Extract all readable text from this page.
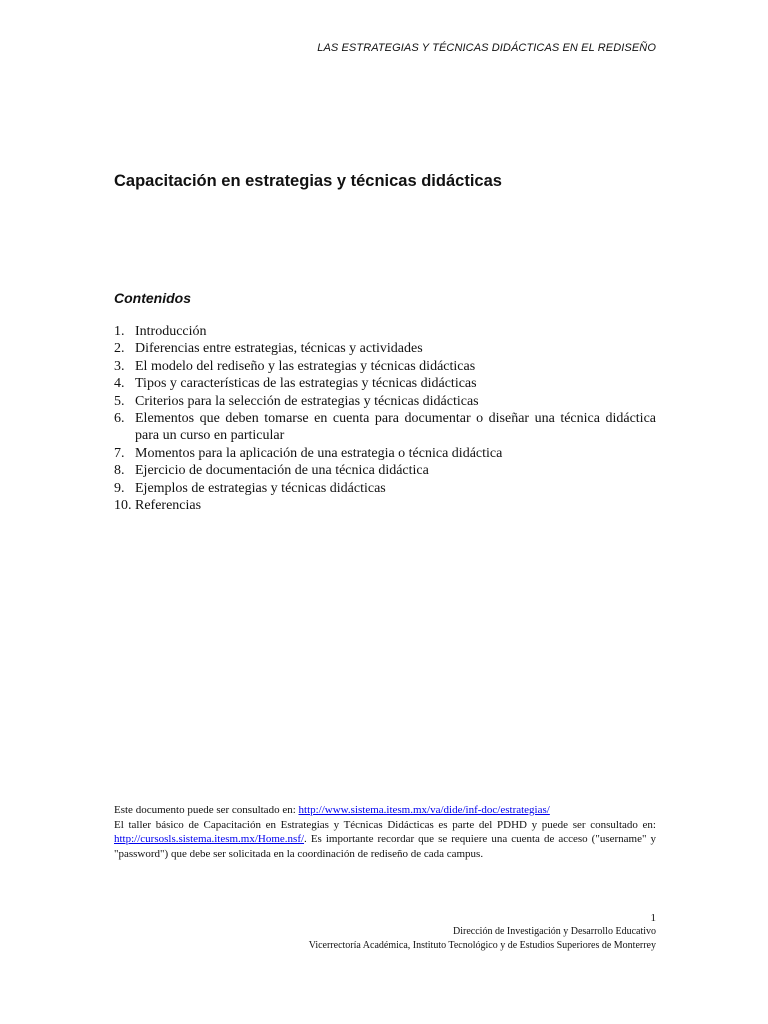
LAS ESTRATEGIAS Y TÉCNICAS DIDÁCTICAS EN EL REDISEÑO
Capacitación en estrategias y técnicas didácticas
Contenidos
1. Introducción
2. Diferencias entre estrategias, técnicas y actividades
3. El modelo del rediseño y las estrategias y técnicas didácticas
4. Tipos y características de las estrategias y técnicas didácticas
5. Criterios para la selección de estrategias y técnicas didácticas
6. Elementos que deben tomarse en cuenta para documentar o diseñar una técnica didáctica para un curso en particular
7. Momentos para la aplicación de una estrategia o técnica didáctica
8. Ejercicio de documentación de una técnica didáctica
9. Ejemplos de estrategias y técnicas didácticas
10. Referencias
Este documento puede ser consultado en: http://www.sistema.itesm.mx/va/dide/inf-doc/estrategias/
El taller básico de Capacitación en Estrategias y Técnicas Didácticas es parte del PDHD y puede ser consultado en: http://cursosls.sistema.itesm.mx/Home.nsf/. Es importante recordar que se requiere una cuenta de acceso ("username" y "password") que debe ser solicitada en la coordinación de rediseño de cada campus.
1
Dirección de Investigación y Desarrollo Educativo
Vicerrectoría Académica, Instituto Tecnológico y de Estudios Superiores de Monterrey
